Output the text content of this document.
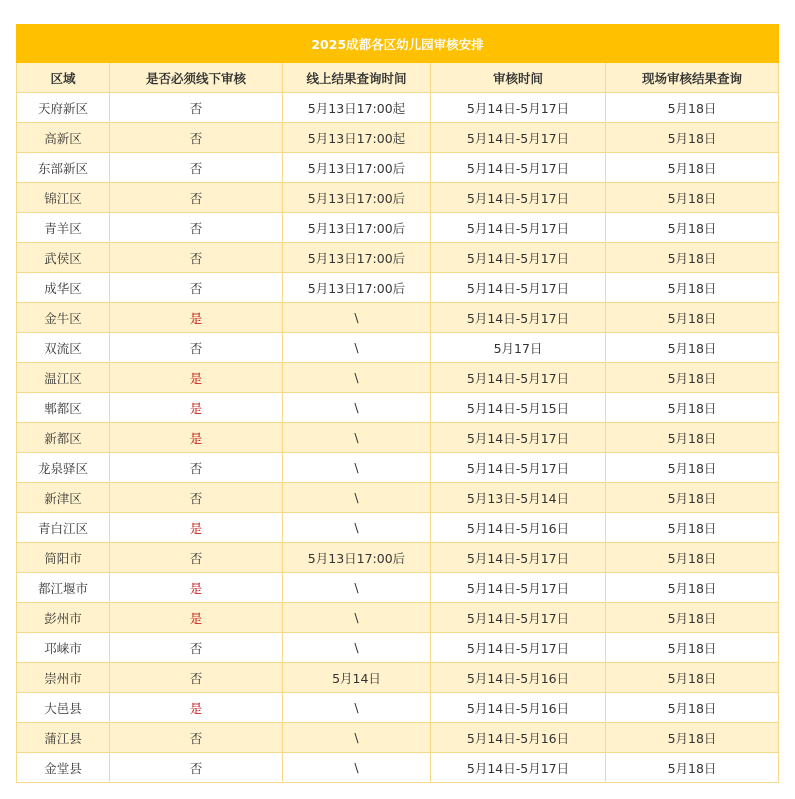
2025成都各区幼儿园审核安排				
区域	是否必须线下审核	线上结果查询时间	审核时间	现场审核结果查询
天府新区	否	5月13日17:00起	5月14日-5月17日	5月18日
高新区	否	5月13日17:00起	5月14日-5月17日	5月18日
东部新区	否	5月13日17:00后	5月14日-5月17日	5月18日
锦江区	否	5月13日17:00后	5月14日-5月17日	5月18日
青羊区	否	5月13日17:00后	5月14日-5月17日	5月18日
武侯区	否	5月13日17:00后	5月14日-5月17日	5月18日
成华区	否	5月13日17:00后	5月14日-5月17日	5月18日
金牛区	是	\	5月14日-5月17日	5月18日
双流区	否	\	5月17日	5月18日
温江区	是	\	5月14日-5月17日	5月18日
郫都区	是	\	5月14日-5月15日	5月18日
新都区	是	\	5月14日-5月17日	5月18日
龙泉驿区	否	\	5月14日-5月17日	5月18日
新津区	否	\	5月13日-5月14日	5月18日
青白江区	是	\	5月14日-5月16日	5月18日
简阳市	否	5月13日17:00后	5月14日-5月17日	5月18日
都江堰市	是	\	5月14日-5月17日	5月18日
彭州市	是	\	5月14日-5月17日	5月18日
邛崃市	否	\	5月14日-5月17日	5月18日
崇州市	否	5月14日	5月14日-5月16日	5月18日
大邑县	是	\	5月14日-5月16日	5月18日
蒲江县	否	\	5月14日-5月16日	5月18日
金堂县	否	\	5月14日-5月17日	5月18日
